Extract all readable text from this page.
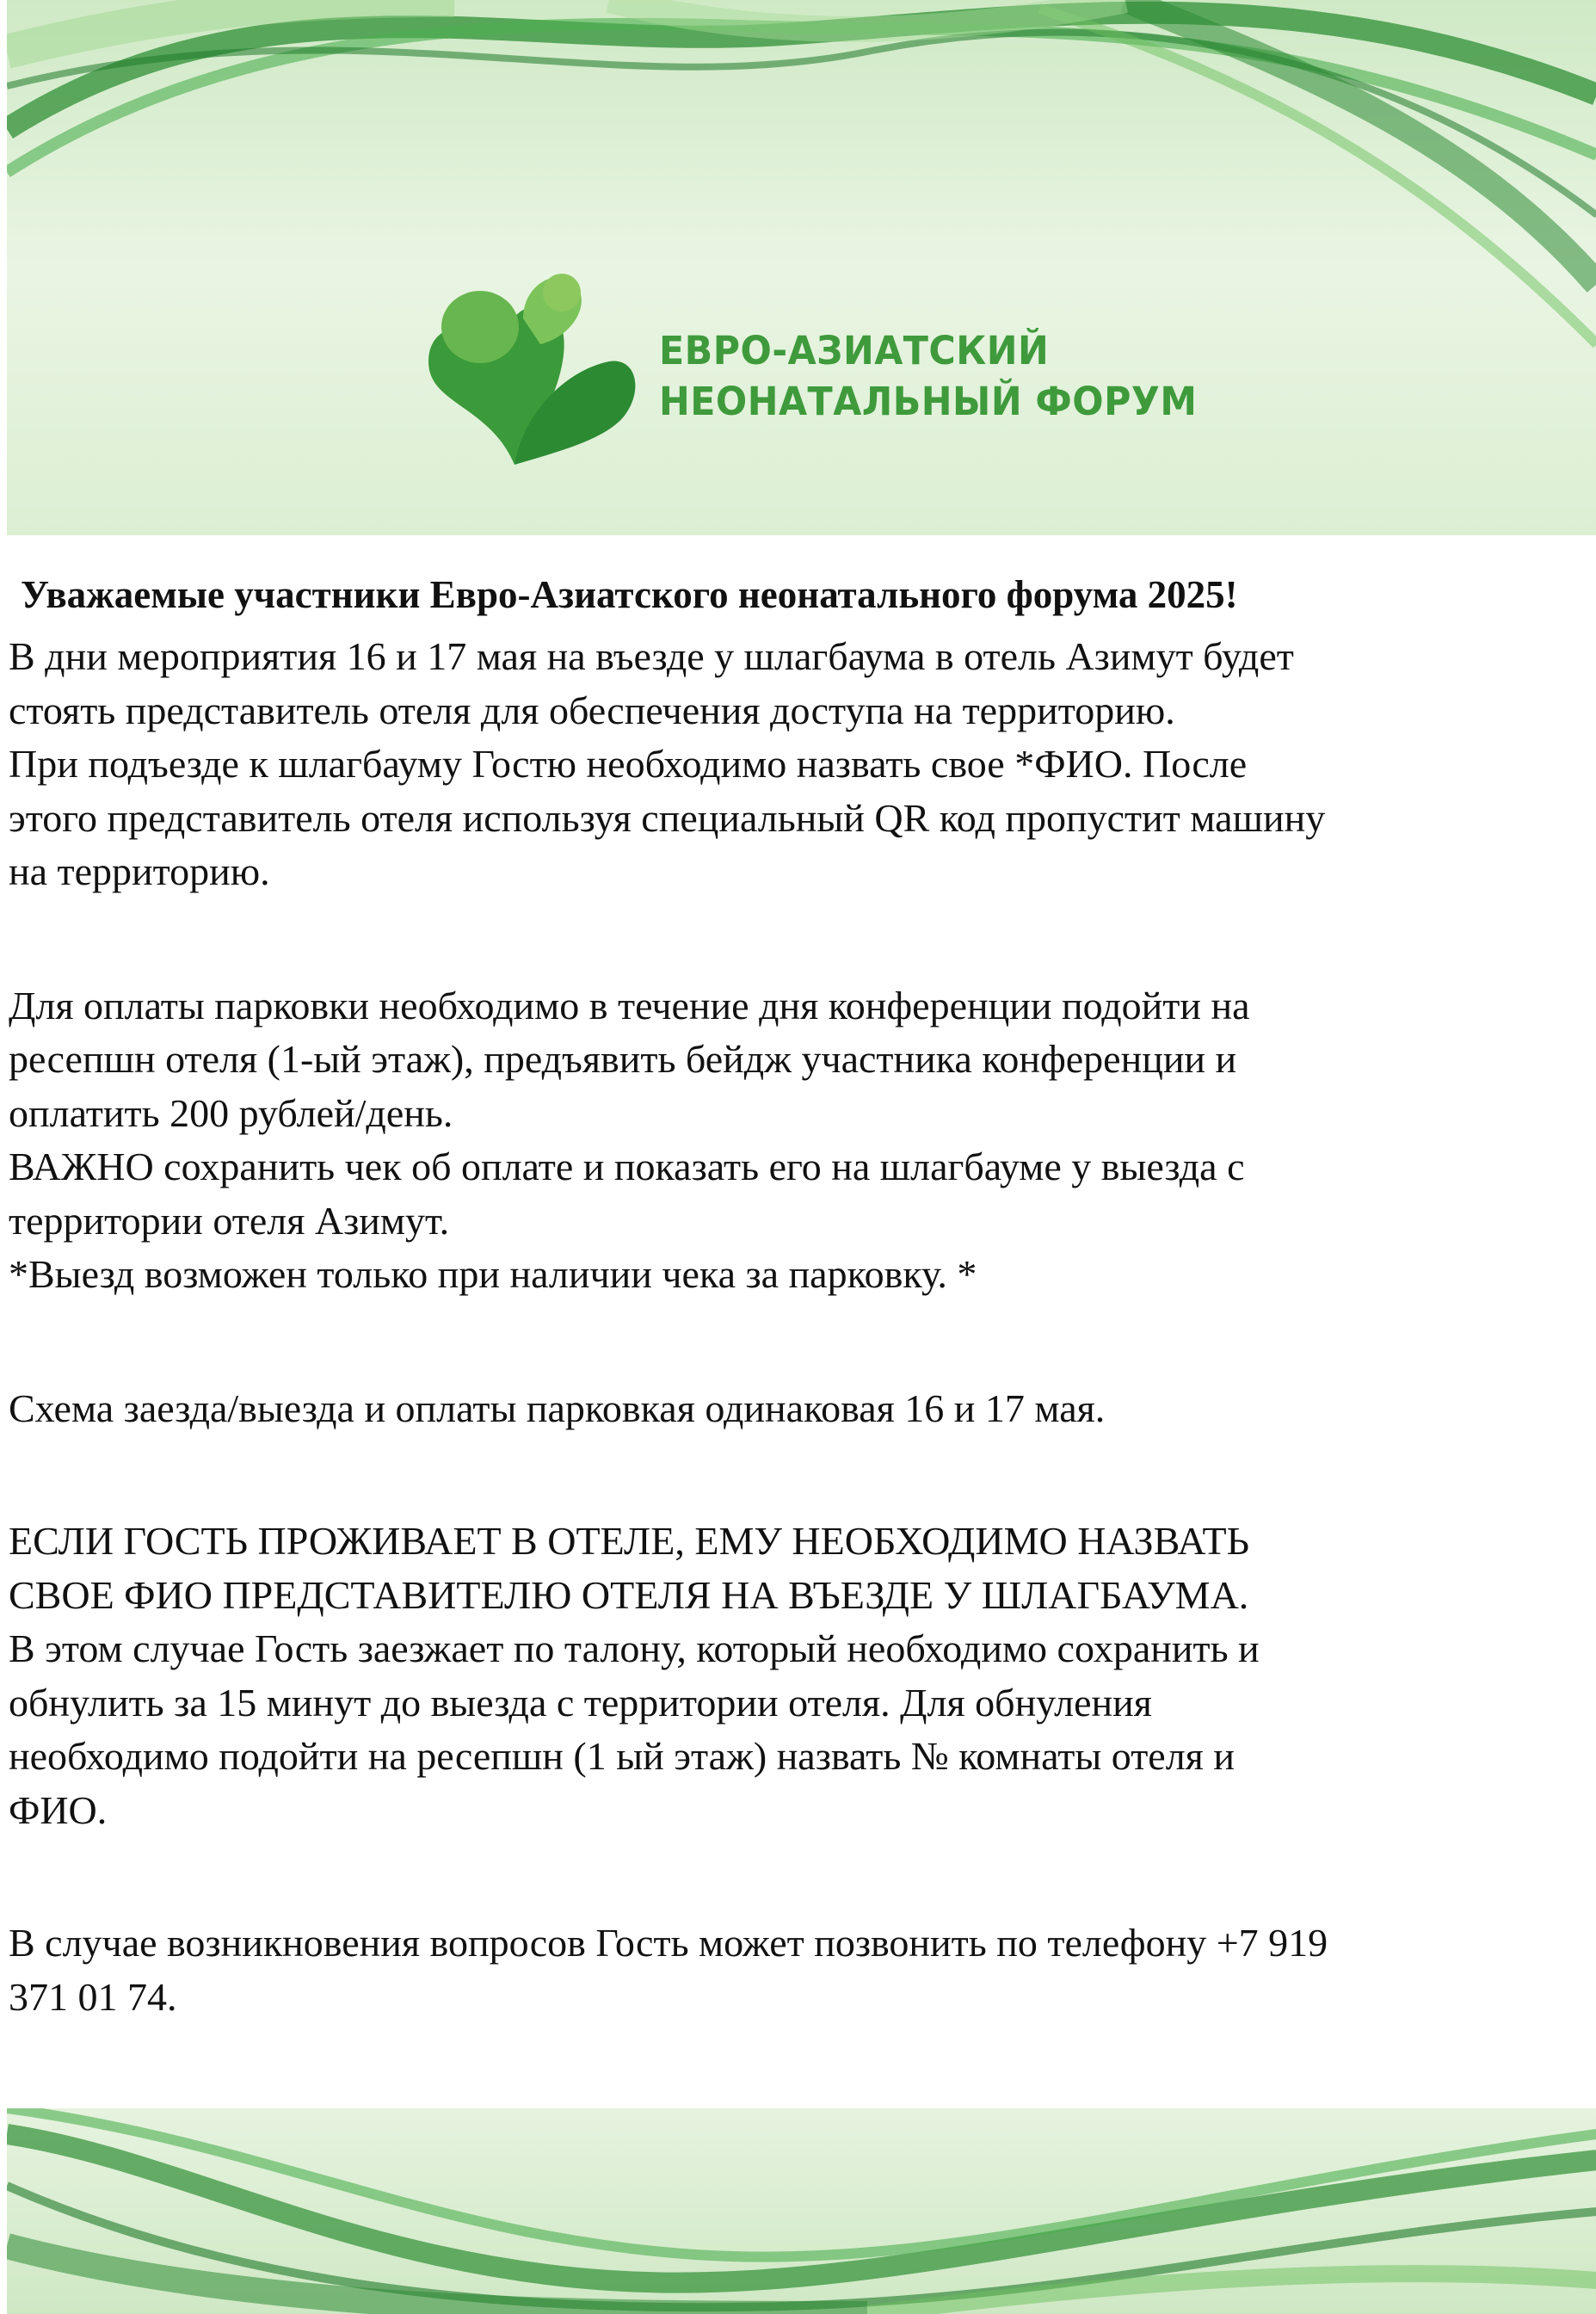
ЕВРО-АЗИАТСКИЙ
НЕОНАТАЛЬНЫЙ ФОРУМ
Уважаемые участники Евро-Азиатского неонатального форума 2025!

В дни мероприятия 16 и 17 мая на въезде у шлагбаума в отель Азимут будет
стоять представитель отеля для обеспечения доступа на территорию.
При подъезде к шлагбауму Гостю необходимо назвать свое *ФИО. После
этого представитель отеля используя специальный QR код пропустит машину
на территорию.

Для оплаты парковки необходимо в течение дня конференции подойти на
ресепшн отеля (1-ый этаж), предъявить бейдж участника конференции и
оплатить 200 рублей/день.
ВАЖНО сохранить чек об оплате и показать его на шлагбауме у выезда с
территории отеля Азимут.
*Выезд возможен только при наличии чека за парковку. *

Схема заезда/выезда и оплаты парковкая одинаковая 16 и 17 мая.

ЕСЛИ ГОСТЬ ПРОЖИВАЕТ В ОТЕЛЕ, ЕМУ НЕОБХОДИМО НАЗВАТЬ
СВОЕ ФИО ПРЕДСТАВИТЕЛЮ ОТЕЛЯ НА ВЪЕЗДЕ У ШЛАГБАУМА.
В этом случае Гость заезжает по талону, который необходимо сохранить и
обнулить за 15 минут до выезда с территории отеля. Для обнуления
необходимо подойти на ресепшн (1 ый этаж) назвать № комнаты отеля и
ФИО.

В случае возникновения вопросов Гость может позвонить по телефону +7 919
371 01 74.
